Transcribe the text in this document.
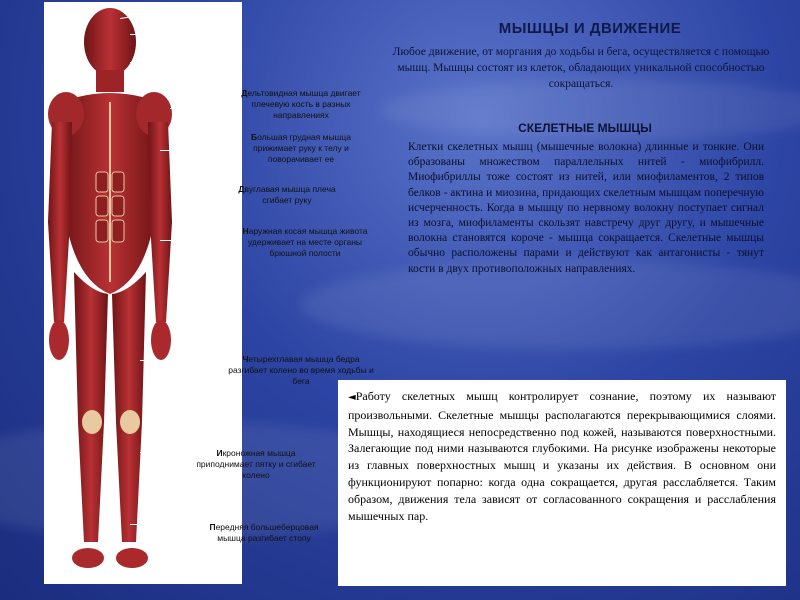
Дельтовидная мышца двигает плечевую кость в разных направлениях
Большая грудная мышца прижимает руку к телу и поворачивает ее
Двуглавая мышца плеча сгибает руку
Наружная косая мышца живота удерживает на месте органы брюшной полости
Четырехглавая мышца бедра разгибает колено во время ходьбы и бега
Икроножная мышца приподнимает пятку и сгибает колено
Передняя большеберцовая мышца разгибает стопу
МЫШЦЫ И ДВИЖЕНИЕ
Любое движение, от моргания до ходьбы и бега, осуществляется с помощью мышц. Мышцы состоят из клеток, обладающих уникальной способностью сокращаться.
СКЕЛЕТНЫЕ МЫШЦЫ
Клетки скелетных мышц (мышечные волокна) длинные и тонкие. Они образованы множеством параллельных нитей - миофибрилл. Миофибриллы тоже состоят из нитей, или миофиламентов, 2 типов белков - актина и миозина, придающих скелетным мышцам поперечную исчерченность. Когда в мышцу по нервному волокну поступает сигнал из мозга, миофиламенты скользят навстречу друг другу, и мышечные волокна становятся короче - мышца сокращается. Скелетные мышцы обычно расположены парами и действуют как антагонисты - тянут кости в двух противоположных направлениях.
◄Работу скелетных мышц контролирует сознание, поэтому их называют произвольными. Скелетные мышцы располагаются перекрывающимися слоями. Мышцы, находящиеся непосредственно под кожей, называются поверхностными. Залегающие под ними называются глубокими. На рисунке изображены некоторые из главных поверхностных мышц и указаны их действия. В основном они функционируют попарно: когда одна сокращается, другая расслабляется. Таким образом, движения тела зависят от согласованного сокращения и расслабления мышечных пар.
